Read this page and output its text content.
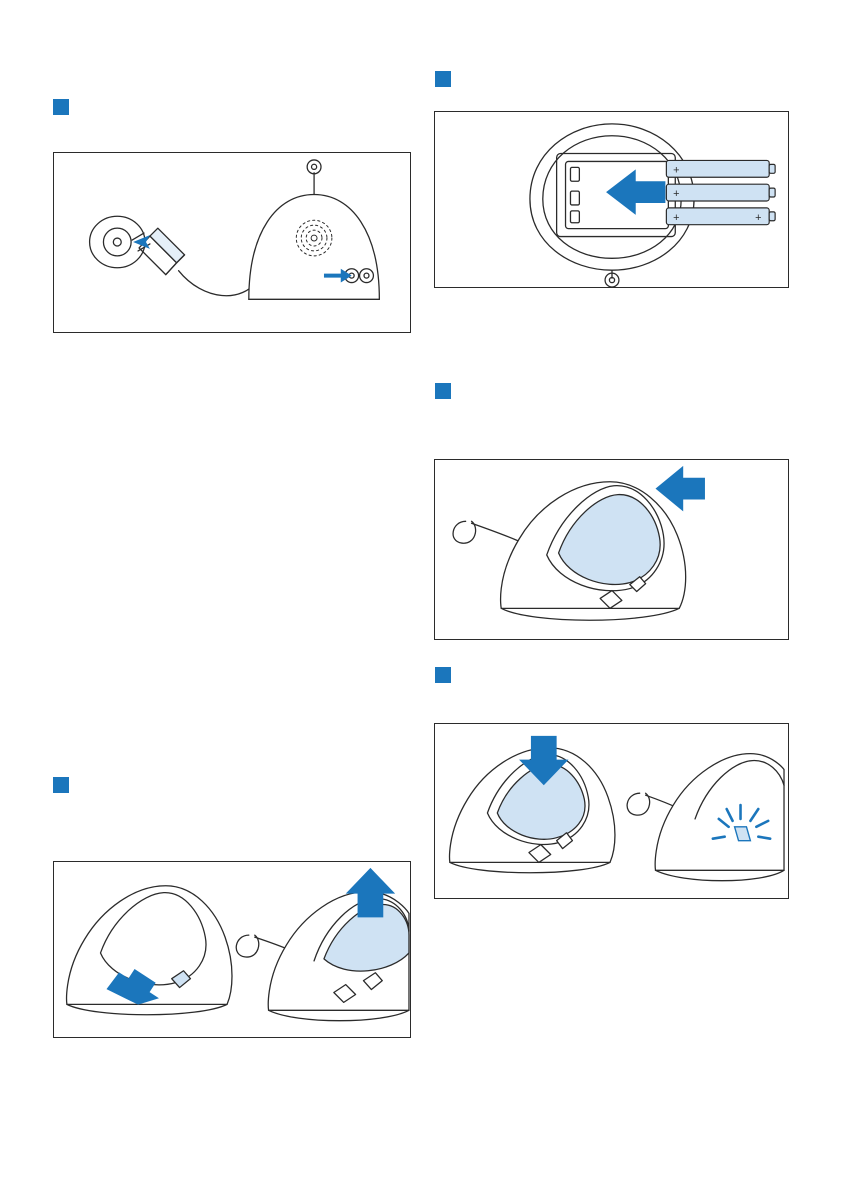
+
+
+	+
